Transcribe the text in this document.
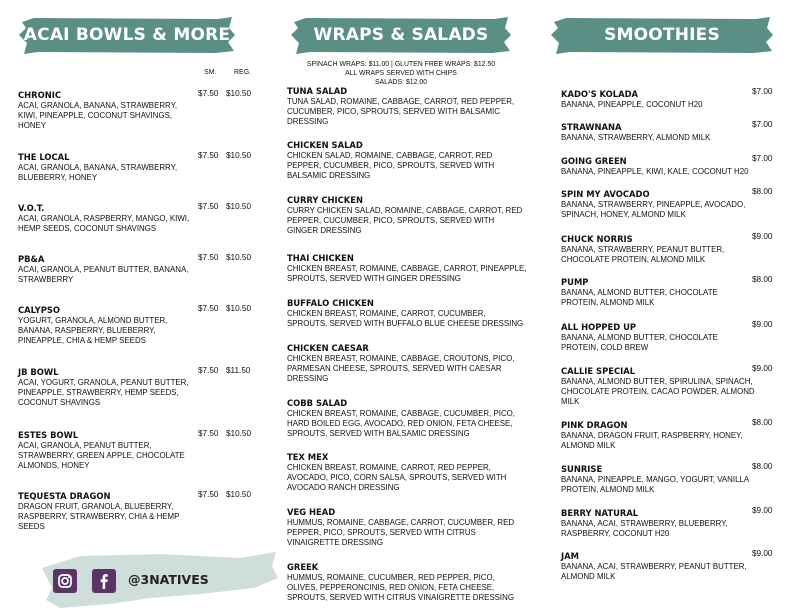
ACAI BOWLS & MORE	WRAPS & SALADS	SMOOTHIES
SM.	REG.
SPINACH WRAPS: $11.00 | GLUTEN FREE WRAPS: $12.50
ALL WRAPS SERVED WITH CHIPS
SALADS: $12.00
CHRONIC
ACAI, GRANOLA, BANANA, STRAWBERRY, KIWI, PINEAPPLE, COCONUT SHAVINGS, HONEY
$7.50 $10.50
THE LOCAL
ACAI, GRANOLA, BANANA, STRAWBERRY, BLUEBERRY, HONEY
$7.50 $10.50
V.O.T.
ACAI, GRANOLA, RASPBERRY, MANGO, KIWI, HEMP SEEDS, COCONUT SHAVINGS
$7.50 $10.50
PB&A
ACAI, GRANOLA, PEANUT BUTTER, BANANA, STRAWBERRY
$7.50 $10.50
CALYPSO
YOGURT, GRANOLA, ALMOND BUTTER, BANANA, RASPBERRY, BLUEBERRY, PINEAPPLE, CHIA & HEMP SEEDS
$7.50 $10.50
JB BOWL
ACAI, YOGURT, GRANOLA, PEANUT BUTTER, PINEAPPLE, STRAWBERRY, HEMP SEEDS, COCONUT SHAVINGS
$7.50 $11.50
ESTES BOWL
ACAI, GRANOLA, PEANUT BUTTER, STRAWBERRY, GREEN APPLE, CHOCOLATE ALMONDS, HONEY
$7.50 $10.50
TEQUESTA DRAGON
DRAGON FRUIT, GRANOLA, BLUEBERRY, RASPBERRY, STRAWBERRY, CHIA & HEMP SEEDS
$7.50 $10.50
TUNA SALAD
TUNA SALAD, ROMAINE, CABBAGE, CARROT, RED PEPPER, CUCUMBER, PICO, SPROUTS, SERVED WITH BALSAMIC DRESSING
CHICKEN SALAD
CHICKEN SALAD, ROMAINE, CABBAGE, CARROT, RED PEPPER, CUCUMBER, PICO, SPROUTS, SERVED WITH BALSAMIC DRESSING
CURRY CHICKEN
CURRY CHICKEN SALAD, ROMAINE, CABBAGE, CARROT, RED PEPPER, CUCUMBER, PICO, SPROUTS, SERVED WITH GINGER DRESSING
THAI CHICKEN
CHICKEN BREAST, ROMAINE, CABBAGE, CARROT, PINEAPPLE, SPROUTS, SERVED WITH GINGER DRESSING
BUFFALO CHICKEN
CHICKEN BREAST, ROMAINE, CARROT, CUCUMBER, SPROUTS, SERVED WITH BUFFALO BLUE CHEESE DRESSING
CHICKEN CAESAR
CHICKEN BREAST, ROMAINE, CABBAGE, CROUTONS, PICO, PARMESAN CHEESE, SPROUTS, SERVED WITH CAESAR DRESSING
COBB SALAD
CHICKEN BREAST, ROMAINE, CABBAGE, CUCUMBER, PICO, HARD BOILED EGG, AVOCADO, RED ONION, FETA CHEESE, SPROUTS, SERVED WITH BALSAMIC DRESSING
TEX MEX
CHICKEN BREAST, ROMAINE, CARROT, RED PEPPER, AVOCADO, PICO, CORN SALSA, SPROUTS, SERVED WITH AVOCADO RANCH DRESSING
VEG HEAD
HUMMUS, ROMAINE, CABBAGE, CARROT, CUCUMBER, RED PEPPER, PICO, SPROUTS, SERVED WITH CITRUS VINAIGRETTE DRESSING
GREEK
HUMMUS, ROMAINE, CUCUMBER, RED PEPPER, PICO, OLIVES, PEPPERONCINIS, RED ONION, FETA CHEESE, SPROUTS, SERVED WITH CITRUS VINAIGRETTE DRESSING
KADO'S KOLADA
BANANA, PINEAPPLE, COCONUT H20
$7.00
STRAWNANA
BANANA, STRAWBERRY, ALMOND MILK
$7.00
GOING GREEN
BANANA, PINEAPPLE, KIWI, KALE, COCONUT H20
$7.00
SPIN MY AVOCADO
BANANA, STRAWBERRY, PINEAPPLE, AVOCADO, SPINACH, HONEY, ALMOND MILK
$8.00
CHUCK NORRIS
BANANA, STRAWBERRY, PEANUT BUTTER, CHOCOLATE PROTEIN, ALMOND MILK
$9.00
PUMP
BANANA, ALMOND BUTTER, CHOCOLATE PROTEIN, ALMOND MILK
$8.00
ALL HOPPED UP
BANANA, ALMOND BUTTER, CHOCOLATE PROTEIN, COLD BREW
$9.00
CALLIE SPECIAL
BANANA, ALMOND BUTTER, SPIRULINA, SPINACH, CHOCOLATE PROTEIN, CACAO POWDER, ALMOND MILK
$9.00
PINK DRAGON
BANANA, DRAGON FRUIT, RASPBERRY, HONEY, ALMOND MILK
$8.00
SUNRISE
BANANA, PINEAPPLE, MANGO, YOGURT, VANILLA PROTEIN, ALMOND MILK
$8.00
BERRY NATURAL
BANANA, ACAI, STRAWBERRY, BLUEBERRY, RASPBERRY, COCONUT H20
$9.00
JAM
BANANA, ACAI, STRAWBERRY, PEANUT BUTTER, ALMOND MILK
$9.00
@3NATIVES
